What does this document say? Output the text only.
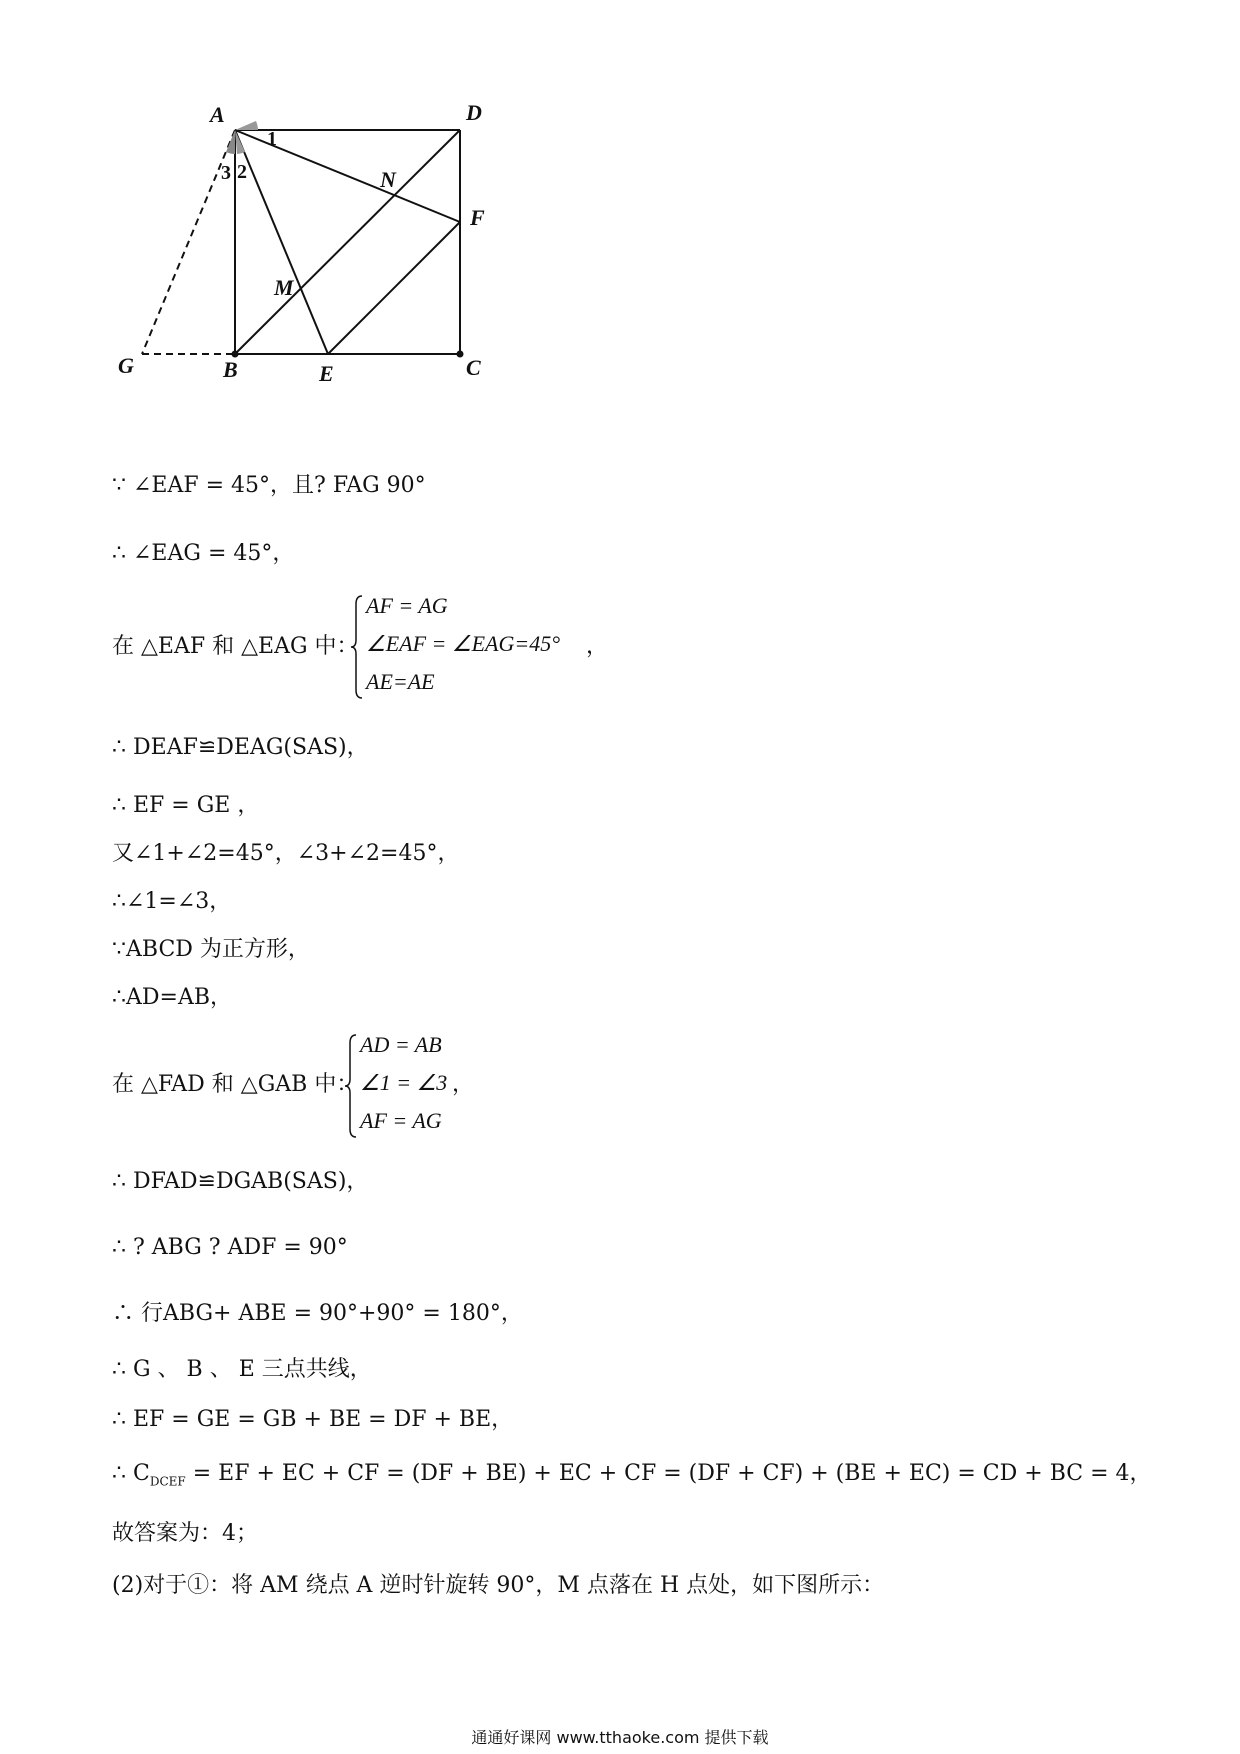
A	D
G	B	E	C
F
N
M
1
2
3
∵ ∠EAF = 45°，且? FAG 90°
∴ ∠EAG = 45°，
在 △EAF 和 △EAG 中：
AF = AG
∠EAF = ∠EAG=45°
AE=AE
，
∴ DEAF≌DEAG(SAS)，
∴ EF = GE ，
又∠1+∠2=45°，∠3+∠2=45°，
∴∠1=∠3，
∵ABCD 为正方形，
∴AD=AB，
在 △FAD 和 △GAB 中：
AD = AB
∠1 = ∠3
AF = AG
，
∴ DFAD≌DGAB(SAS)，
∴ ? ABG ? ADF = 90°
∴ 行ABG+ ABE = 90°+90° = 180°，
∴ G 、 B 、 E 三点共线，
∴ EF = GE = GB + BE = DF + BE，
∴ $C_{DCEF}$ = EF + EC + CF = (DF + BE) + EC + CF = (DF + CF) + (BE + EC) = CD + BC = 4，
故答案为：4；
(2)对于①：将 AM 绕点 A 逆时针旋转 90°，M 点落在 H 点处，如下图所示：
通通好课网 www.tthaoke.com 提供下载
